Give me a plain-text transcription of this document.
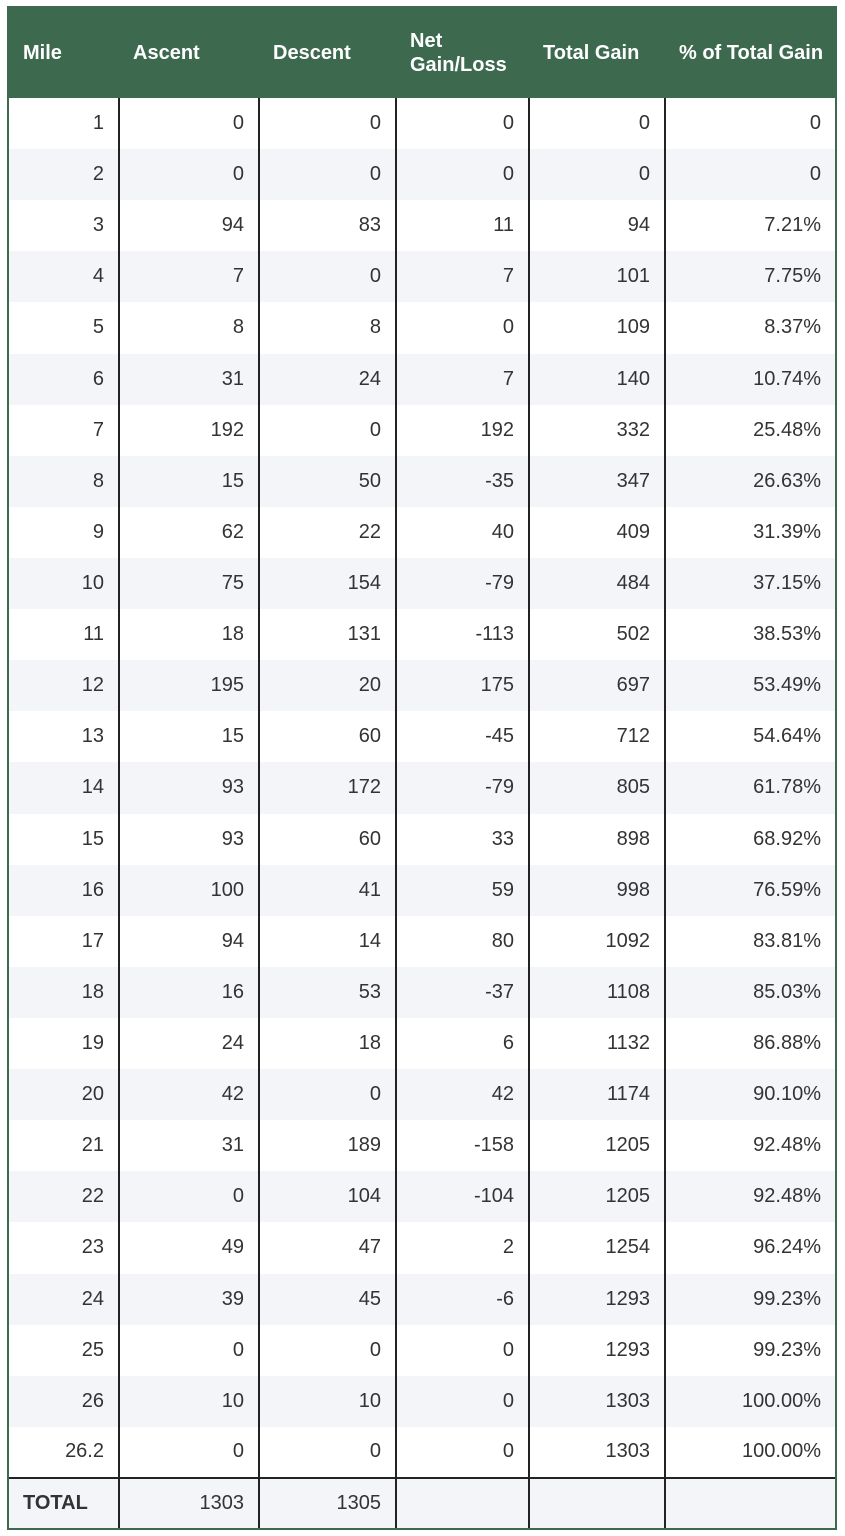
Mile	Ascent	Descent	Net Gain/Loss	Total Gain	% of Total Gain
1	0	0	0	0	0
2	0	0	0	0	0
3	94	83	11	94	7.21%
4	7	0	7	101	7.75%
5	8	8	0	109	8.37%
6	31	24	7	140	10.74%
7	192	0	192	332	25.48%
8	15	50	-35	347	26.63%
9	62	22	40	409	31.39%
10	75	154	-79	484	37.15%
11	18	131	-113	502	38.53%
12	195	20	175	697	53.49%
13	15	60	-45	712	54.64%
14	93	172	-79	805	61.78%
15	93	60	33	898	68.92%
16	100	41	59	998	76.59%
17	94	14	80	1092	83.81%
18	16	53	-37	1108	85.03%
19	24	18	6	1132	86.88%
20	42	0	42	1174	90.10%
21	31	189	-158	1205	92.48%
22	0	104	-104	1205	92.48%
23	49	47	2	1254	96.24%
24	39	45	-6	1293	99.23%
25	0	0	0	1293	99.23%
26	10	10	0	1303	100.00%
26.2	0	0	0	1303	100.00%
TOTAL	1303	1305			
